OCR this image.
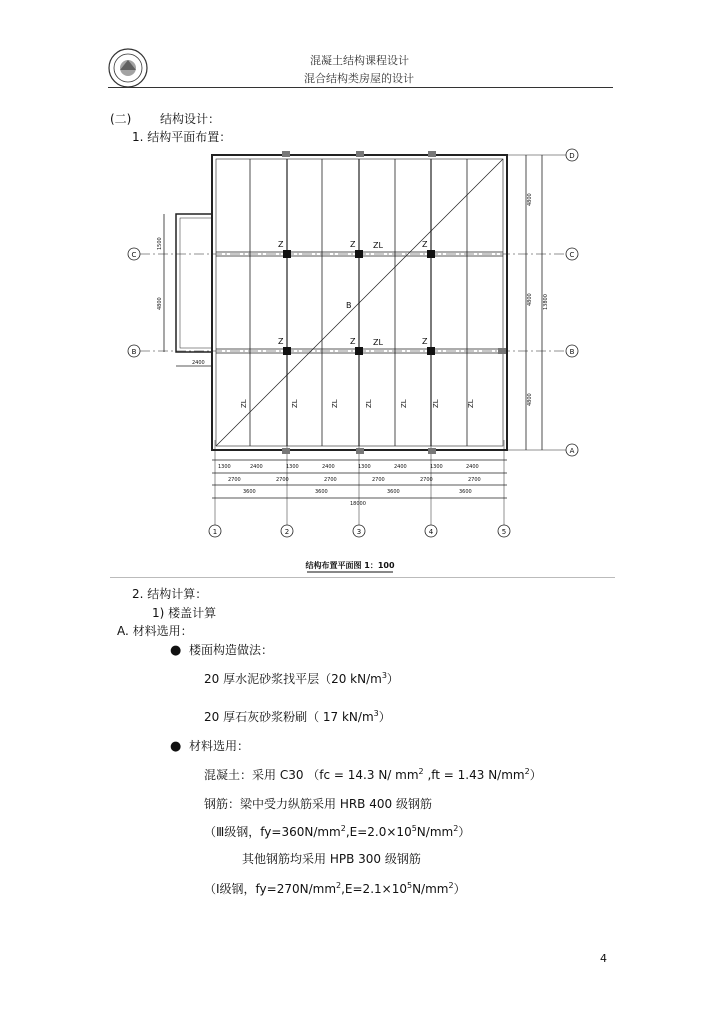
混凝土结构课程设计
混合结构类房屋的设计
(二) 结构设计：
1. 结构平面布置：
Z	Z	Z
Z	Z	Z
ZL
ZL
B
ZL	ZL	ZL	ZL	ZL	ZL	ZL
1300	2400	1300	2400	1300	2400	1300	2400
2700	2700	2700	2700	2700	2700
3600	3600	3600	3600
18000
4800
4800
4800
13800
1500
4800
2400
C
B
D
C
B
A
1	2	3	4	5
结构布置平面图 1：100
2. 结构计算：
1) 楼盖计算
A. 材料选用：
● 楼面构造做法：
20 厚水泥砂浆找平层（20 $kN/m^3$）
20 厚石灰砂浆粉刷（ 17 $kN/m^3$）
● 材料选用：
混凝土：采用 C30 （fc = 14.3 N/ $mm^2$ ,ft = 1.43 $N/mm^2$）
钢筋：梁中受力纵筋采用 HRB 400 级钢筋
（Ⅲ级钢，$fy=360N/mm^2,E=2.0\times 10^5N/mm^2$）
其他钢筋均采用 HPB 300 级钢筋
（Ⅰ级钢，$fy=270N/mm^2,E=2.1\times 10^5N/mm^2$）
4
